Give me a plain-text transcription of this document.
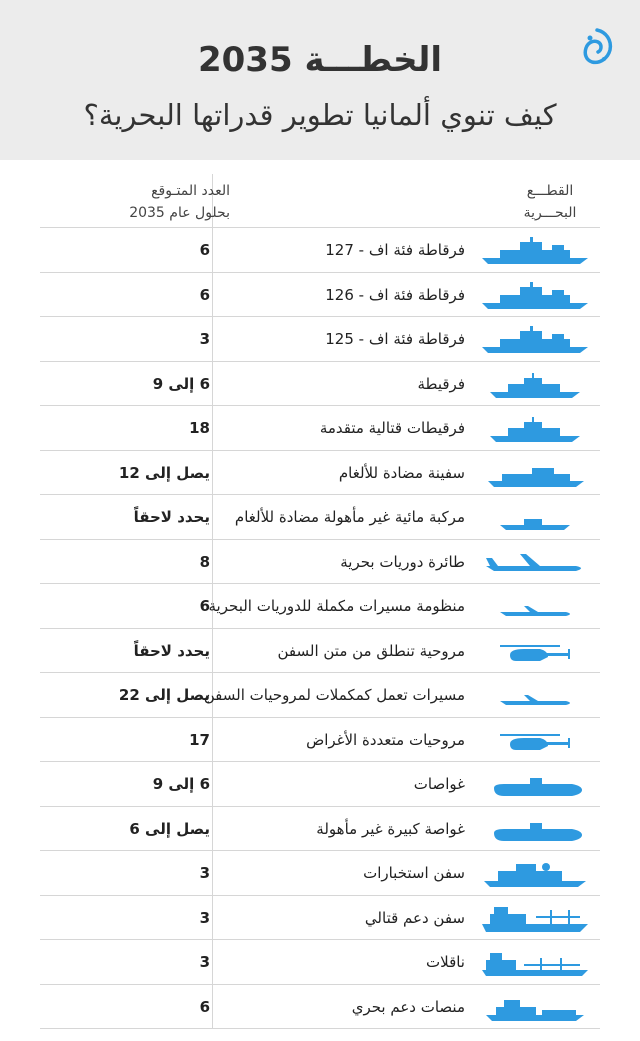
الخطـــة 2035
كيف تنوي ألمانيا تطوير قدراتها البحرية؟
القطـــع
البحـــرية
العدد المتـوقع
بحلول عام 2035
فرقاطة فئة اف - 127
6
فرقاطة فئة اف - 126
6
فرقاطة فئة اف - 125
3
فرقيطة
6 إلى 9
فرقيطات قتالية متقدمة
18
سفينة مضادة للألغام
يصل إلى 12
مركبة مائية غير مأهولة مضادة للألغام
يحدد لاحقاً
طائرة دوريات بحرية
8
منظومة مسيرات مكملة للدوريات البحرية
6
مروحية تنطلق من متن السفن
يحدد لاحقاً
مسيرات تعمل كمكملات لمروحيات السفن
يصل إلى 22
مروحيات متعددة الأغراض
17
غواصات
6 إلى 9
غواصة كبيرة غير مأهولة
يصل إلى 6
سفن استخبارات
3
سفن دعم قتالي
3
ناقلات
3
منصات دعم بحري
6
